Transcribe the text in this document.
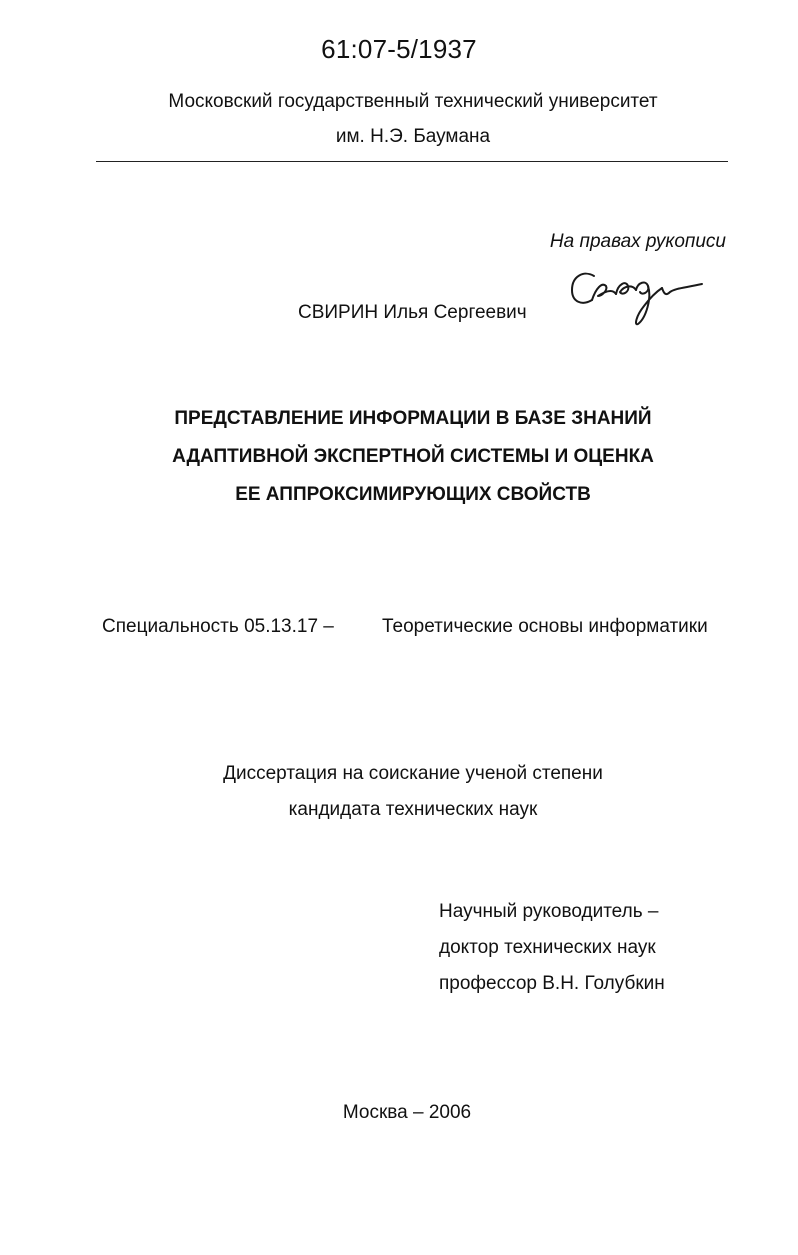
61:07-5/1937
Московский государственный технический университет
им. Н.Э. Баумана
На правах рукописи
СВИРИН Илья Сергеевич
ПРЕДСТАВЛЕНИЕ ИНФОРМАЦИИ В БАЗЕ ЗНАНИЙ
АДАПТИВНОЙ ЭКСПЕРТНОЙ СИСТЕМЫ И ОЦЕНКА
ЕЕ АППРОКСИМИРУЮЩИХ СВОЙСТВ
Специальность 05.13.17 –	Теоретические основы информатики
Диссертация на соискание ученой степени
кандидата технических наук
Научный руководитель –
доктор технических наук
профессор В.Н. Голубкин
Москва – 2006
